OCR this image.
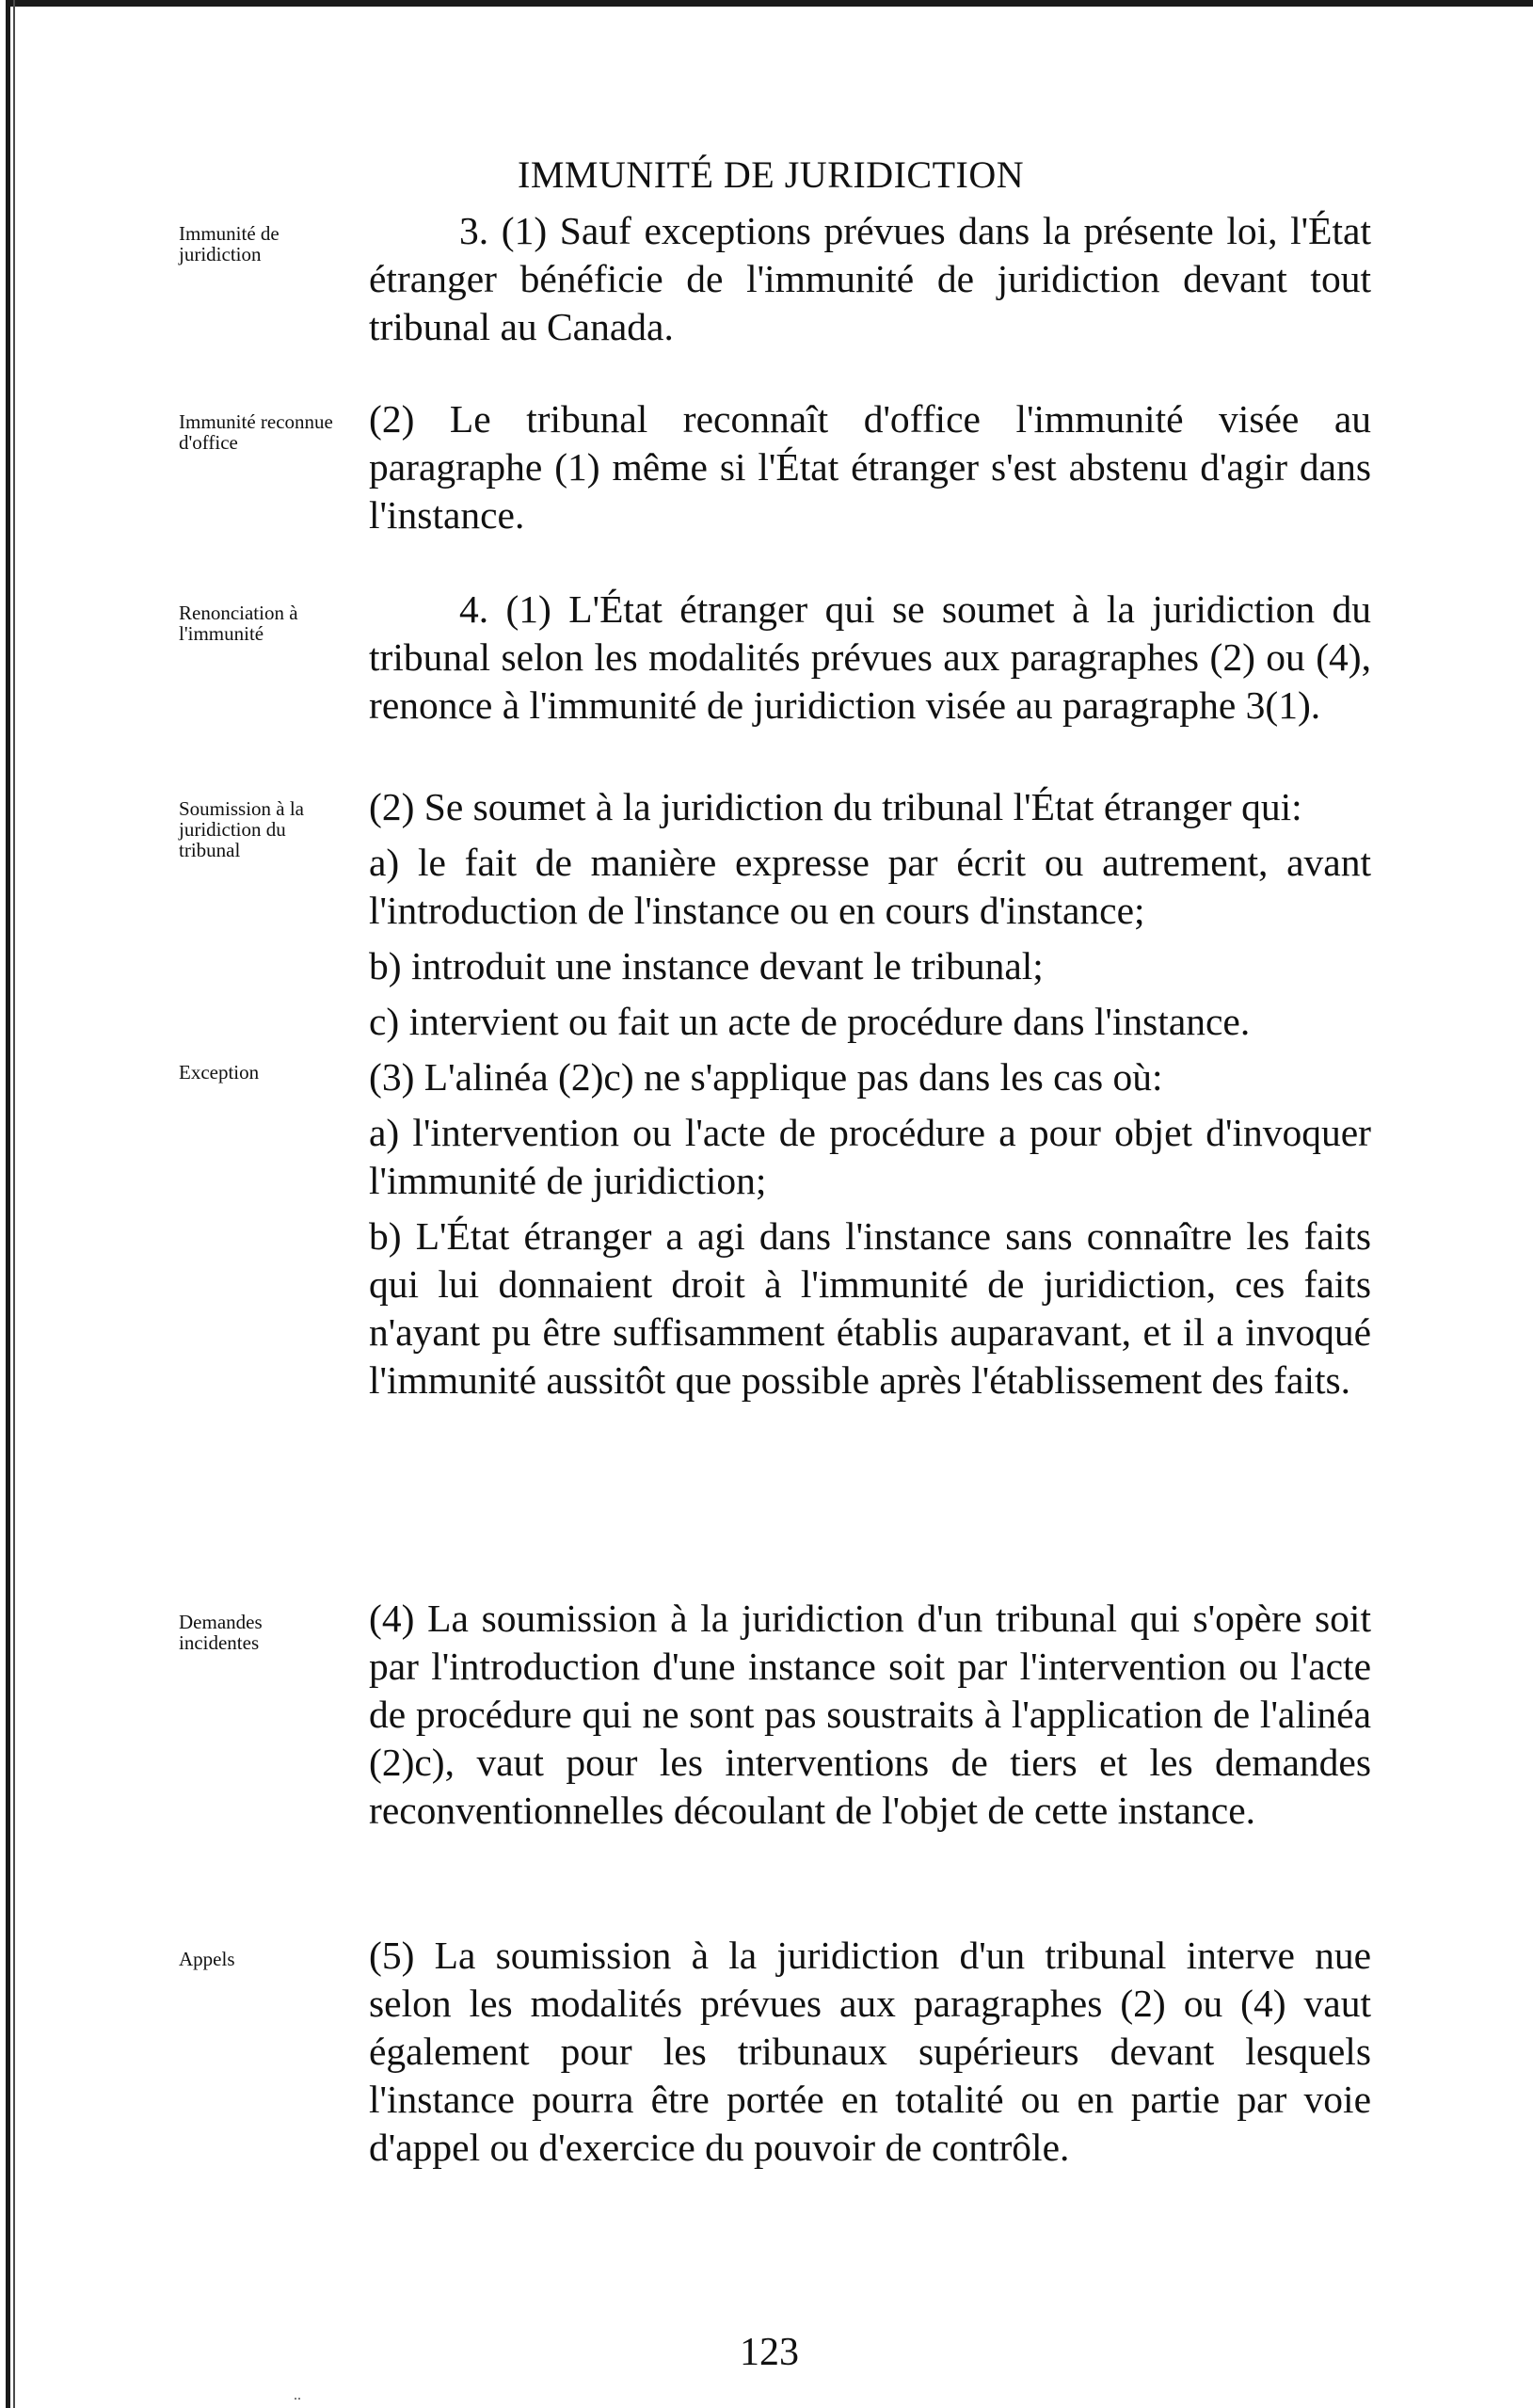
IMMUNITÉ DE JURIDICTION
Immunité de juridiction
Immunité reconnue d'office
Renonciation à l'immunité
Soumission à la juridiction du tribunal
Exception
Demandes incidentes
Appels

3. (1) Sauf exceptions prévues dans la présente loi, l'État étranger bénéficie de l'immunité de juridiction devant tout tribunal au Canada.

(2) Le tribunal reconnaît d'office l'immunité visée au paragraphe (1) même si l'État étranger s'est abstenu d'agir dans l'instance.

4. (1) L'État étranger qui se soumet à la juridiction du tribunal selon les modalités prévues aux paragraphes (2) ou (4), renonce à l'immunité de juridiction visée au paragraphe 3(1).

(2) Se soumet à la juridiction du tribunal l'État étranger qui:

a) le fait de manière expresse par écrit ou autrement, avant l'introduction de l'instance ou en cours d'instance;

b) introduit une instance devant le tribunal;

c) intervient ou fait un acte de procédure dans l'instance.

(3) L'alinéa (2)c) ne s'applique pas dans les cas où:

a) l'intervention ou l'acte de procédure a pour objet d'invoquer l'immunité de juridiction;

b) L'État étranger a agi dans l'instance sans connaître les faits qui lui donnaient droit à l'immunité de juridiction, ces faits n'ayant pu être suffisamment établis auparavant, et il a invoqué l'immunité aussitôt que possible après l'établissement des faits.

(4) La soumission à la juridiction d'un tribunal qui s'opère soit par l'introduction d'une instance soit par l'intervention ou l'acte de procédure qui ne sont pas soustraits à l'application de l'alinéa (2)c), vaut pour les interventions de tiers et les demandes reconventionnelles découlant de l'objet de cette instance.

(5) La soumission à la juridiction d'un tribunal interve nue selon les modalités prévues aux paragraphes (2) ou (4) vaut également pour les tribunaux supérieurs devant lesquels l'instance pourra être portée en totalité ou en partie par voie d'appel ou d'exercice du pouvoir de contrôle.

123
..
